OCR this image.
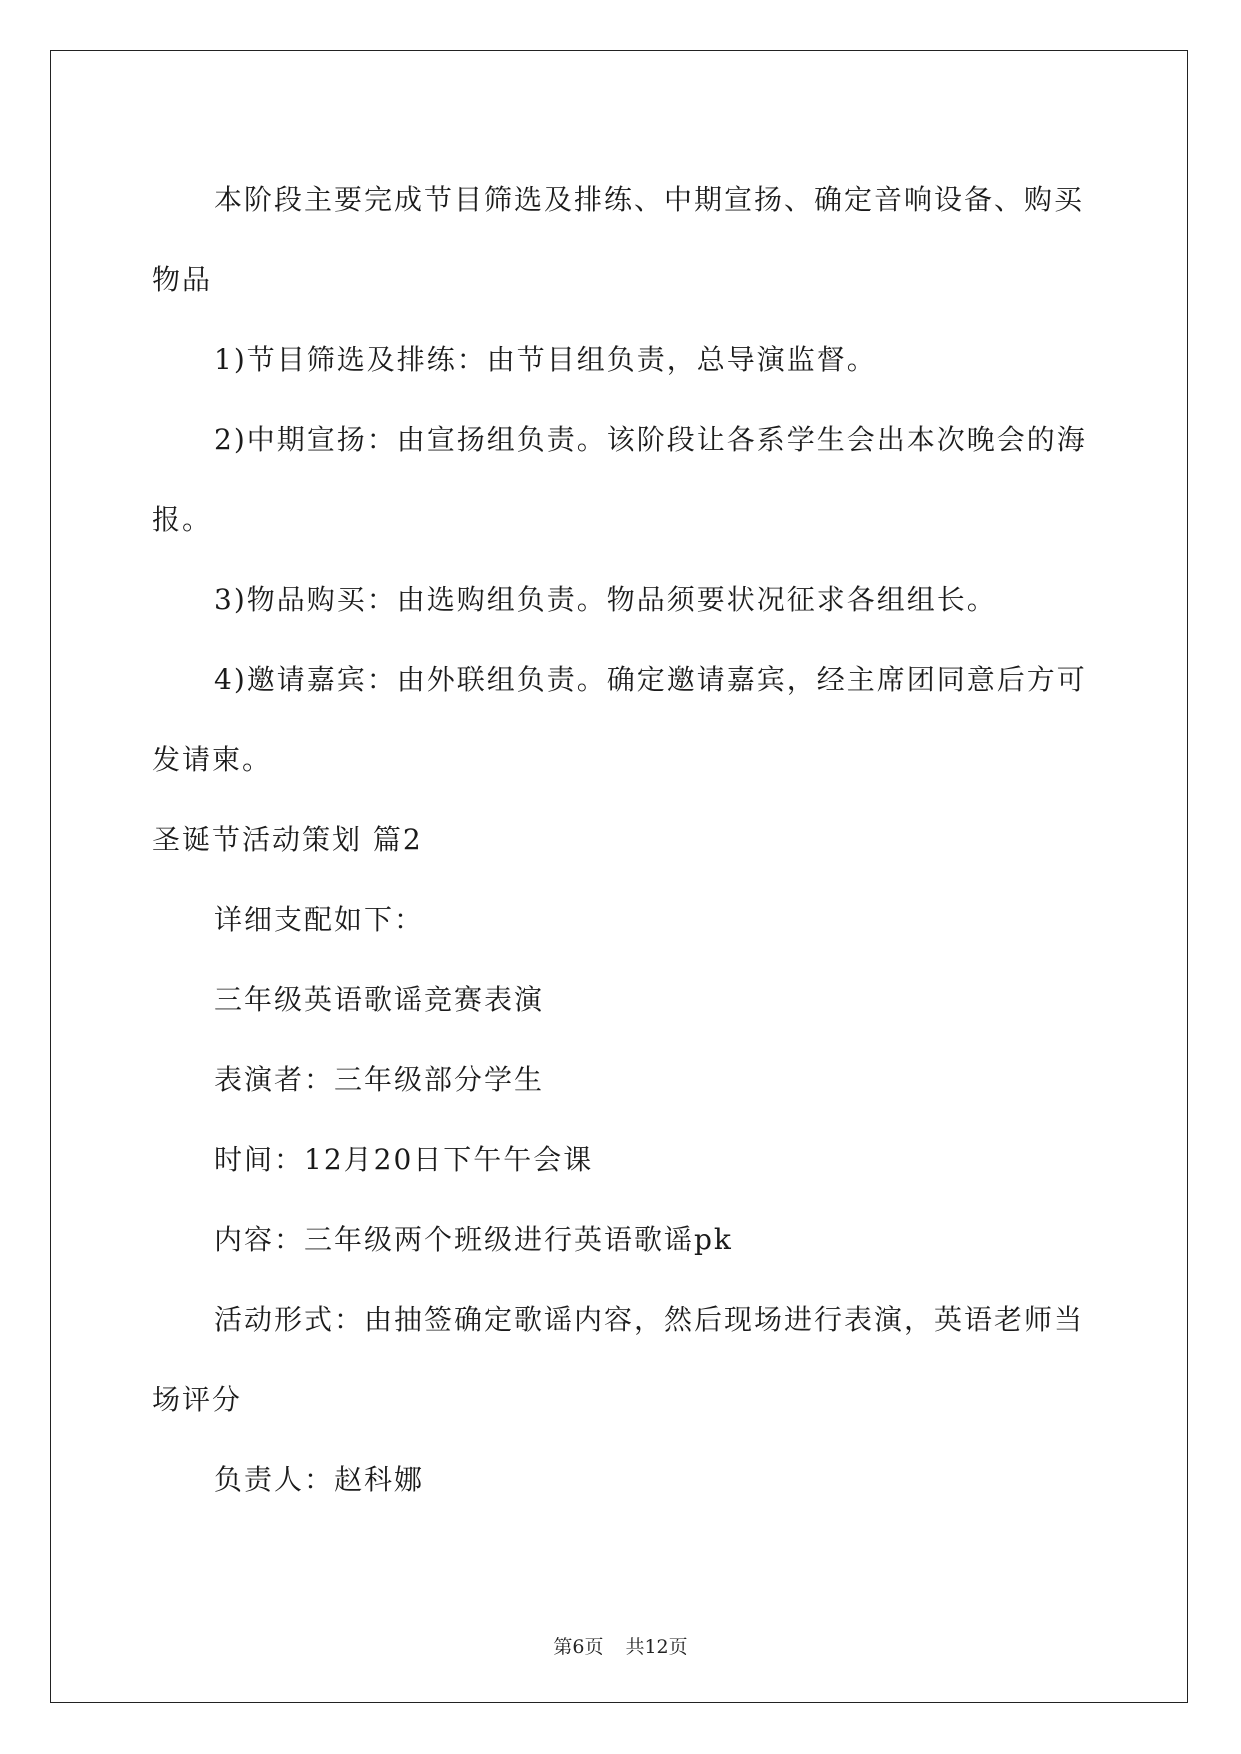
本阶段主要完成节目筛选及排练、中期宣扬、确定音响设备、购买物品

1)节目筛选及排练：由节目组负责，总导演监督。

2)中期宣扬：由宣扬组负责。该阶段让各系学生会出本次晚会的海报。

3)物品购买：由选购组负责。物品须要状况征求各组组长。

4)邀请嘉宾：由外联组负责。确定邀请嘉宾，经主席团同意后方可发请柬。

圣诞节活动策划 篇2

详细支配如下：

三年级英语歌谣竞赛表演

表演者：三年级部分学生

时间：12月20日下午午会课

内容：三年级两个班级进行英语歌谣pk

活动形式：由抽签确定歌谣内容，然后现场进行表演，英语老师当场评分

负责人：赵科娜

第6页 共12页
